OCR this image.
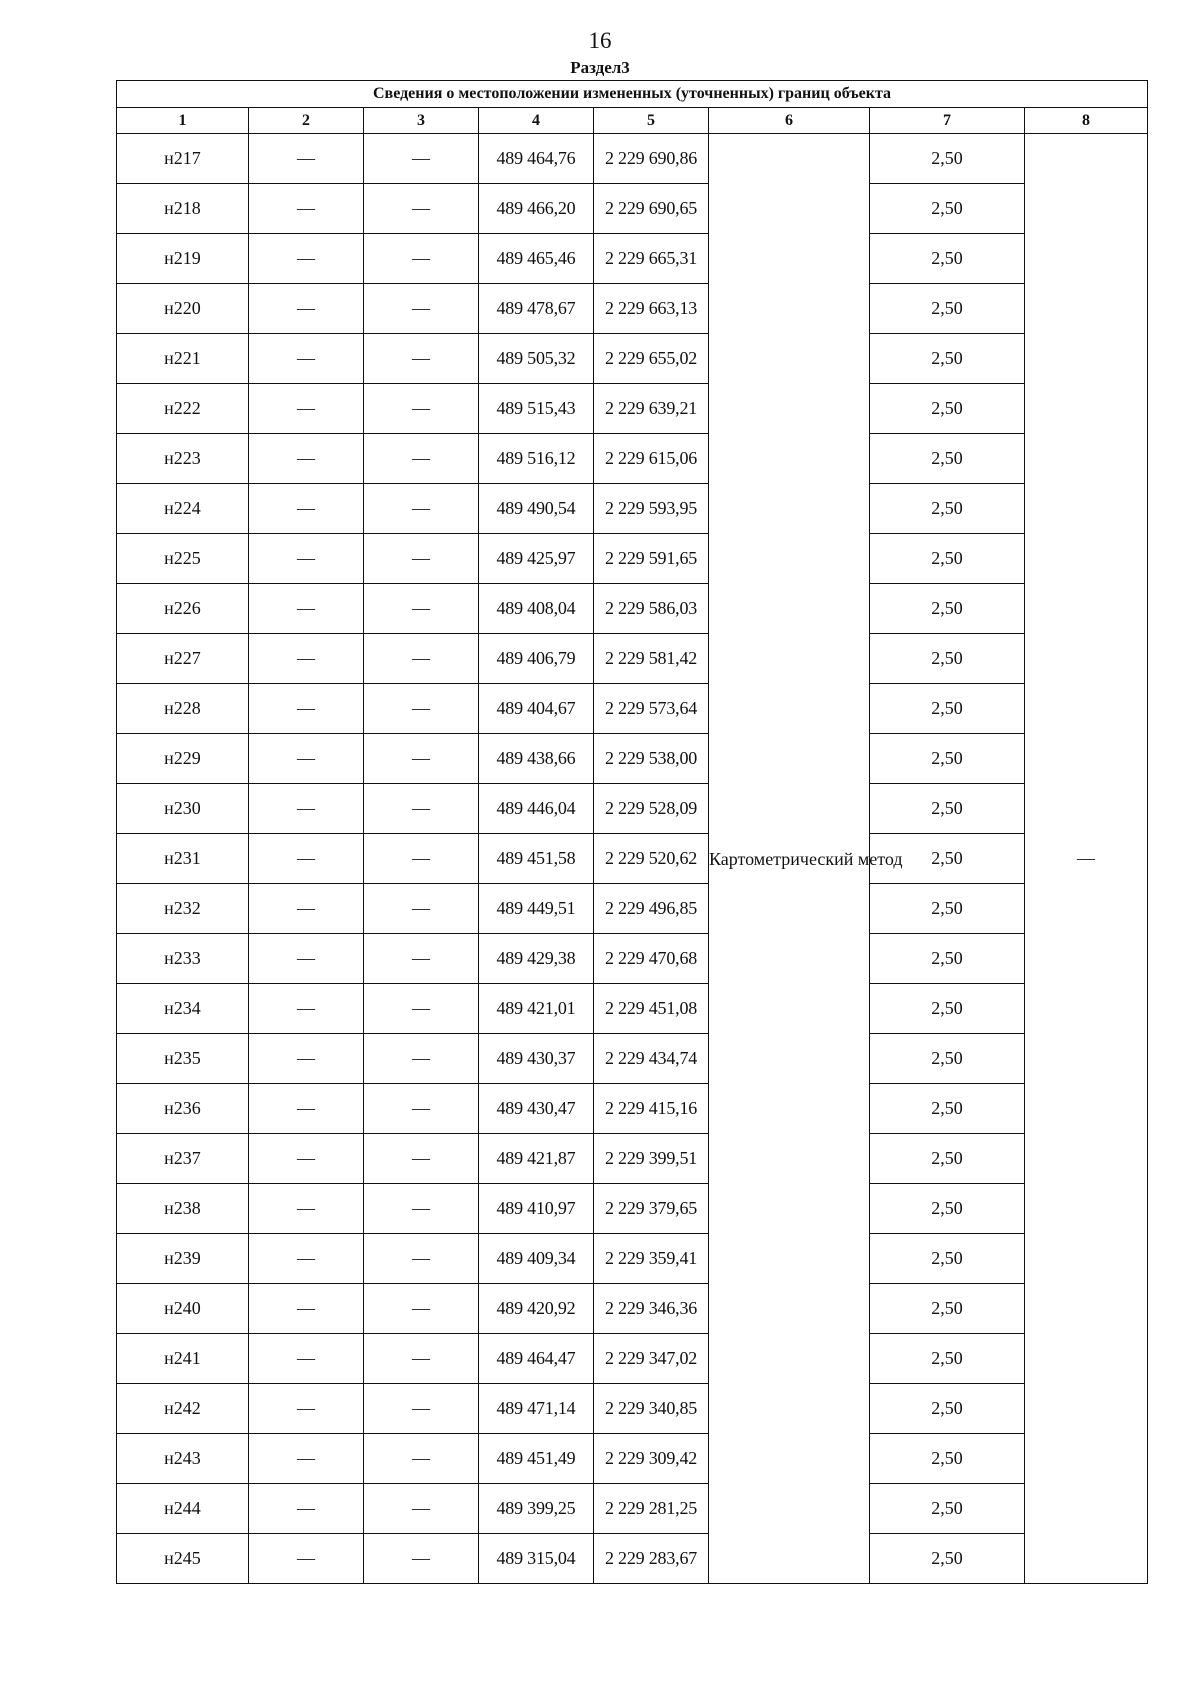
16
Раздел3
Сведения о местоположении измененных (уточненных) границ объекта							
1	2	3	4	5	6	7	8
н217	—	—	489 464,76	2 229 690,86	Картометрический метод	2,50	—
н218	—	—	489 466,20	2 229 690,65		2,50	
н219	—	—	489 465,46	2 229 665,31		2,50	
н220	—	—	489 478,67	2 229 663,13		2,50	
н221	—	—	489 505,32	2 229 655,02		2,50	
н222	—	—	489 515,43	2 229 639,21		2,50	
н223	—	—	489 516,12	2 229 615,06		2,50	
н224	—	—	489 490,54	2 229 593,95		2,50	
н225	—	—	489 425,97	2 229 591,65		2,50	
н226	—	—	489 408,04	2 229 586,03		2,50	
н227	—	—	489 406,79	2 229 581,42		2,50	
н228	—	—	489 404,67	2 229 573,64		2,50	
н229	—	—	489 438,66	2 229 538,00		2,50	
н230	—	—	489 446,04	2 229 528,09		2,50	
н231	—	—	489 451,58	2 229 520,62		2,50	
н232	—	—	489 449,51	2 229 496,85		2,50	
н233	—	—	489 429,38	2 229 470,68		2,50	
н234	—	—	489 421,01	2 229 451,08		2,50	
н235	—	—	489 430,37	2 229 434,74		2,50	
н236	—	—	489 430,47	2 229 415,16		2,50	
н237	—	—	489 421,87	2 229 399,51		2,50	
н238	—	—	489 410,97	2 229 379,65		2,50	
н239	—	—	489 409,34	2 229 359,41		2,50	
н240	—	—	489 420,92	2 229 346,36		2,50	
н241	—	—	489 464,47	2 229 347,02		2,50	
н242	—	—	489 471,14	2 229 340,85		2,50	
н243	—	—	489 451,49	2 229 309,42		2,50	
н244	—	—	489 399,25	2 229 281,25		2,50	
н245	—	—	489 315,04	2 229 283,67		2,50	
